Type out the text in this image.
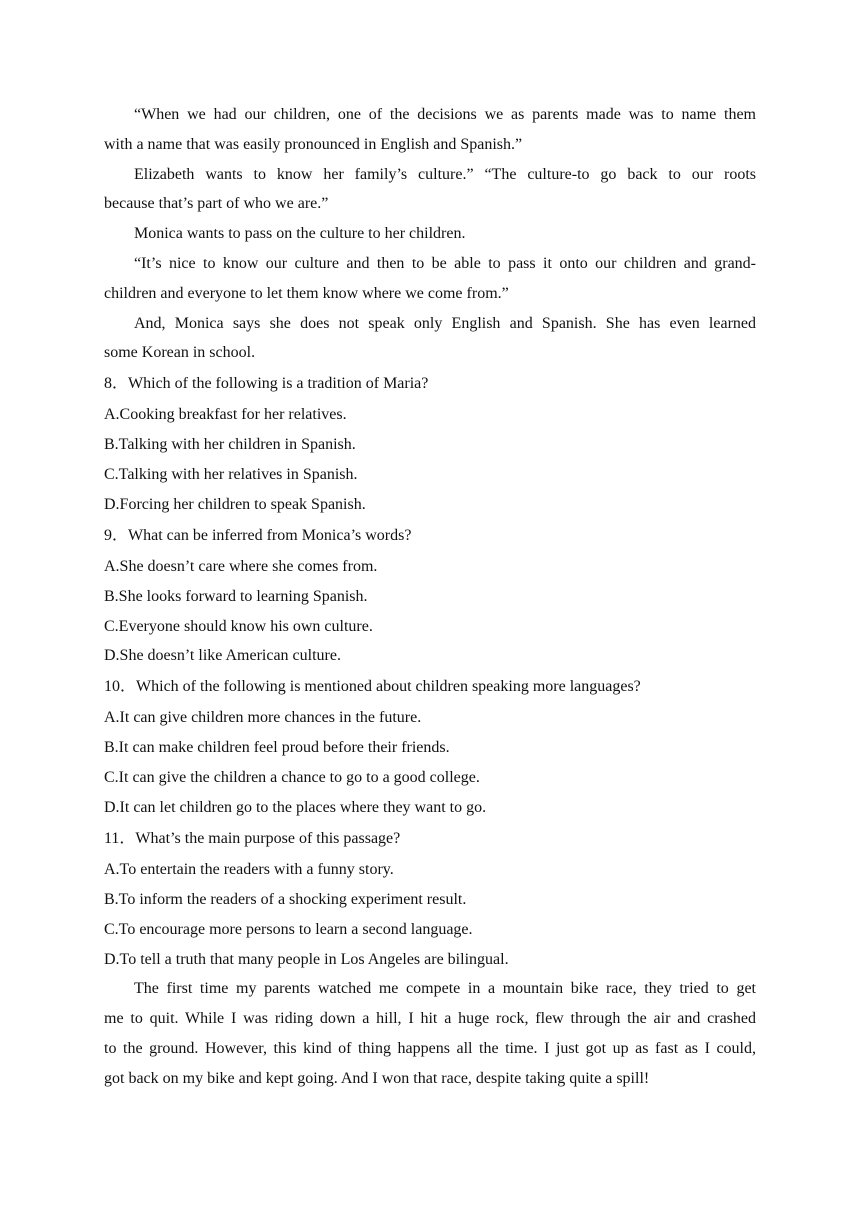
“When we had our children, one of the decisions we as parents made was to name them
with a name that was easily pronounced in English and Spanish.”
Elizabeth wants to know her family’s culture.” “The culture-to go back to our roots
because that’s part of who we are.”
Monica wants to pass on the culture to her children.
“It’s nice to know our culture and then to be able to pass it onto our children and grand-
children and everyone to let them know where we come from.”
And, Monica says she does not speak only English and Spanish. She has even learned
some Korean in school.
8．Which of the following is a tradition of Maria?
A.Cooking breakfast for her relatives.
B.Talking with her children in Spanish.
C.Talking with her relatives in Spanish.
D.Forcing her children to speak Spanish.
9．What can be inferred from Monica’s words?
A.She doesn’t care where she comes from.
B.She looks forward to learning Spanish.
C.Everyone should know his own culture.
D.She doesn’t like American culture.
10．Which of the following is mentioned about children speaking more languages?
A.It can give children more chances in the future.
B.It can make children feel proud before their friends.
C.It can give the children a chance to go to a good college.
D.It can let children go to the places where they want to go.
11．What’s the main purpose of this passage?
A.To entertain the readers with a funny story.
B.To inform the readers of a shocking experiment result.
C.To encourage more persons to learn a second language.
D.To tell a truth that many people in Los Angeles are bilingual.
The first time my parents watched me compete in a mountain bike race, they tried to get
me to quit. While I was riding down a hill, I hit a huge rock, flew through the air and crashed
to the ground. However, this kind of thing happens all the time. I just got up as fast as I could,
got back on my bike and kept going. And I won that race, despite taking quite a spill!
